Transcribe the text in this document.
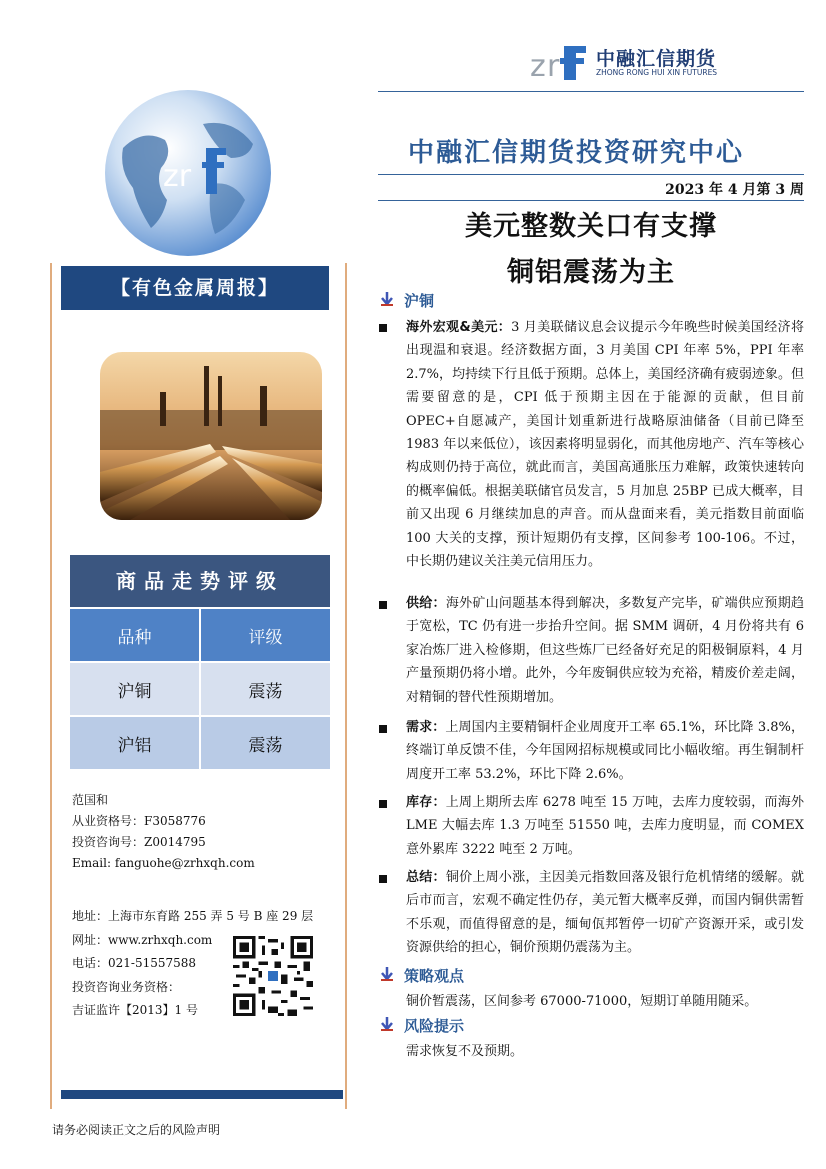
z r 中融汇信期货
ZHONG RONG HUI XIN FUTURES
中融汇信期货投资研究中心
2023 年 4 月第 3 周
美元整数关口有支撑
铜铝震荡为主
zr
【有色金属周报】
商品走势评级
品种	评级
沪铜	震荡
沪铝	震荡
范国和
从业资格号：F3058776
投资咨询号：Z0014795
Email: fanguohe@zrhxqh.com
地址：上海市东育路 255 弄 5 号 B 座 29 层
网址：www.zrhxqh.com
电话：021-51557588
投资咨询业务资格：
吉证监许【2013】1 号
请务必阅读正文之后的风险声明
沪铜
海外宏观&美元：3 月美联储议息会议提示今年晚些时候美国经济将出现温和衰退。经济数据方面，3 月美国 CPI 年率 5%，PPI 年率 2.7%，均持续下行且低于预期。总体上，美国经济确有疲弱迹象。但需要留意的是，CPI 低于预期主因在于能源的贡献，但目前 OPEC+自愿减产，美国计划重新进行战略原油储备（目前已降至 1983 年以来低位），该因素将明显弱化，而其他房地产、汽车等核心构成则仍持于高位，就此而言，美国高通胀压力难解，政策快速转向的概率偏低。根据美联储官员发言，5 月加息 25BP 已成大概率，目前又出现 6 月继续加息的声音。而从盘面来看，美元指数目前面临 100 大关的支撑，预计短期仍有支撑，区间参考 100-106。不过，中长期仍建议关注美元信用压力。
供给：海外矿山问题基本得到解决，多数复产完毕，矿端供应预期趋于宽松，TC 仍有进一步抬升空间。据 SMM 调研，4 月份将共有 6 家冶炼厂进入检修期，但这些炼厂已经备好充足的阳极铜原料，4 月产量预期仍将小增。此外，今年废铜供应较为充裕，精废价差走阔，对精铜的替代性预期增加。
需求：上周国内主要精铜杆企业周度开工率 65.1%，环比降 3.8%，终端订单反馈不佳，今年国网招标规模或同比小幅收缩。再生铜制杆周度开工率 53.2%，环比下降 2.6%。
库存：上周上期所去库 6278 吨至 15 万吨，去库力度较弱，而海外 LME 大幅去库 1.3 万吨至 51550 吨，去库力度明显，而 COMEX 意外累库 3222 吨至 2 万吨。
总结：铜价上周小涨，主因美元指数回落及银行危机情绪的缓解。就后市而言，宏观不确定性仍存，美元暂大概率反弹，而国内铜供需暂不乐观，而值得留意的是，缅甸佤邦暂停一切矿产资源开采，或引发资源供给的担心，铜价预期仍震荡为主。
策略观点
铜价暂震荡，区间参考 67000-71000，短期订单随用随采。
风险提示
需求恢复不及预期。
